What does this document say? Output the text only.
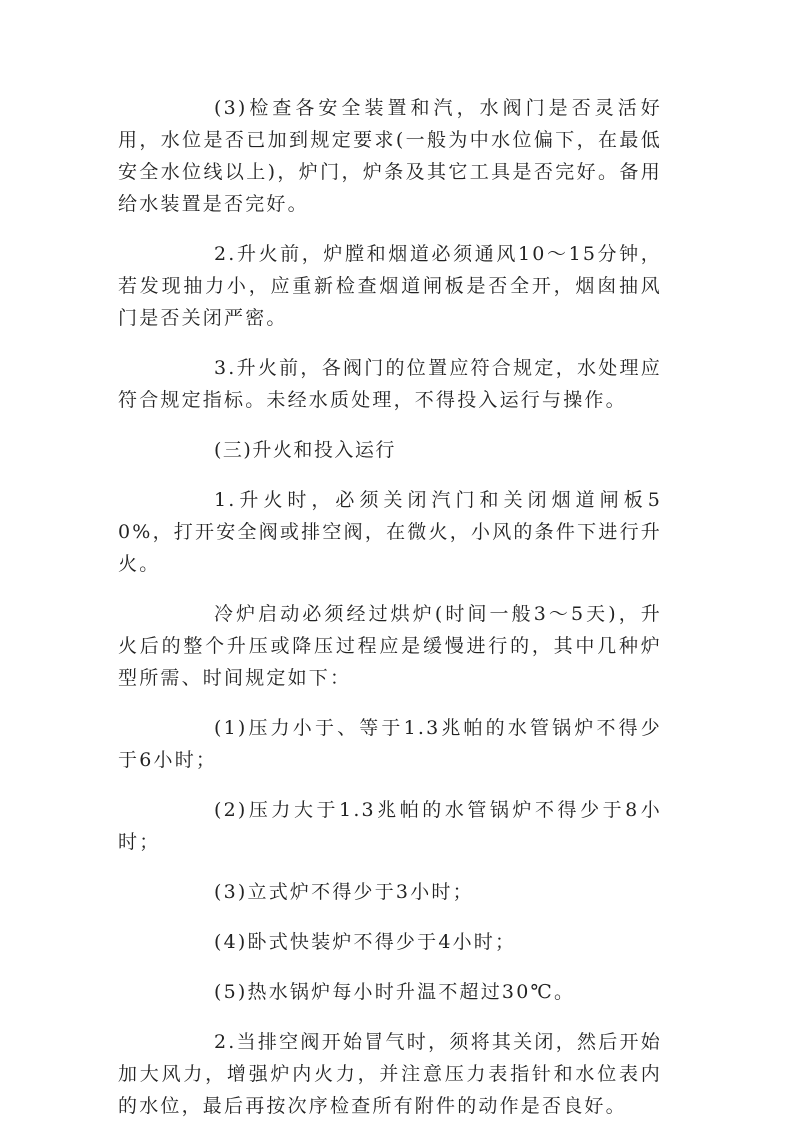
(3)检查各安全装置和汽，水阀门是否灵活好用，水位是否已加到规定要求(一般为中水位偏下，在最低安全水位线以上)，炉门，炉条及其它工具是否完好。备用给水装置是否完好。

2.升火前，炉膛和烟道必须通风10～15分钟，若发现抽力小，应重新检查烟道闸板是否全开，烟囱抽风门是否关闭严密。

3.升火前，各阀门的位置应符合规定，水处理应符合规定指标。未经水质处理，不得投入运行与操作。

(三)升火和投入运行

1.升火时，必须关闭汽门和关闭烟道闸板50%，打开安全阀或排空阀，在微火，小风的条件下进行升火。

冷炉启动必须经过烘炉(时间一般3～5天)，升火后的整个升压或降压过程应是缓慢进行的，其中几种炉型所需、时间规定如下：

(1)压力小于、等于1.3兆帕的水管锅炉不得少于6小时；

(2)压力大于1.3兆帕的水管锅炉不得少于8小时；

(3)立式炉不得少于3小时；

(4)卧式快装炉不得少于4小时；

(5)热水锅炉每小时升温不超过30℃。

2.当排空阀开始冒气时，须将其关闭，然后开始加大风力，增强炉内火力，并注意压力表指针和水位表内的水位，最后再按次序检查所有附件的动作是否良好。
